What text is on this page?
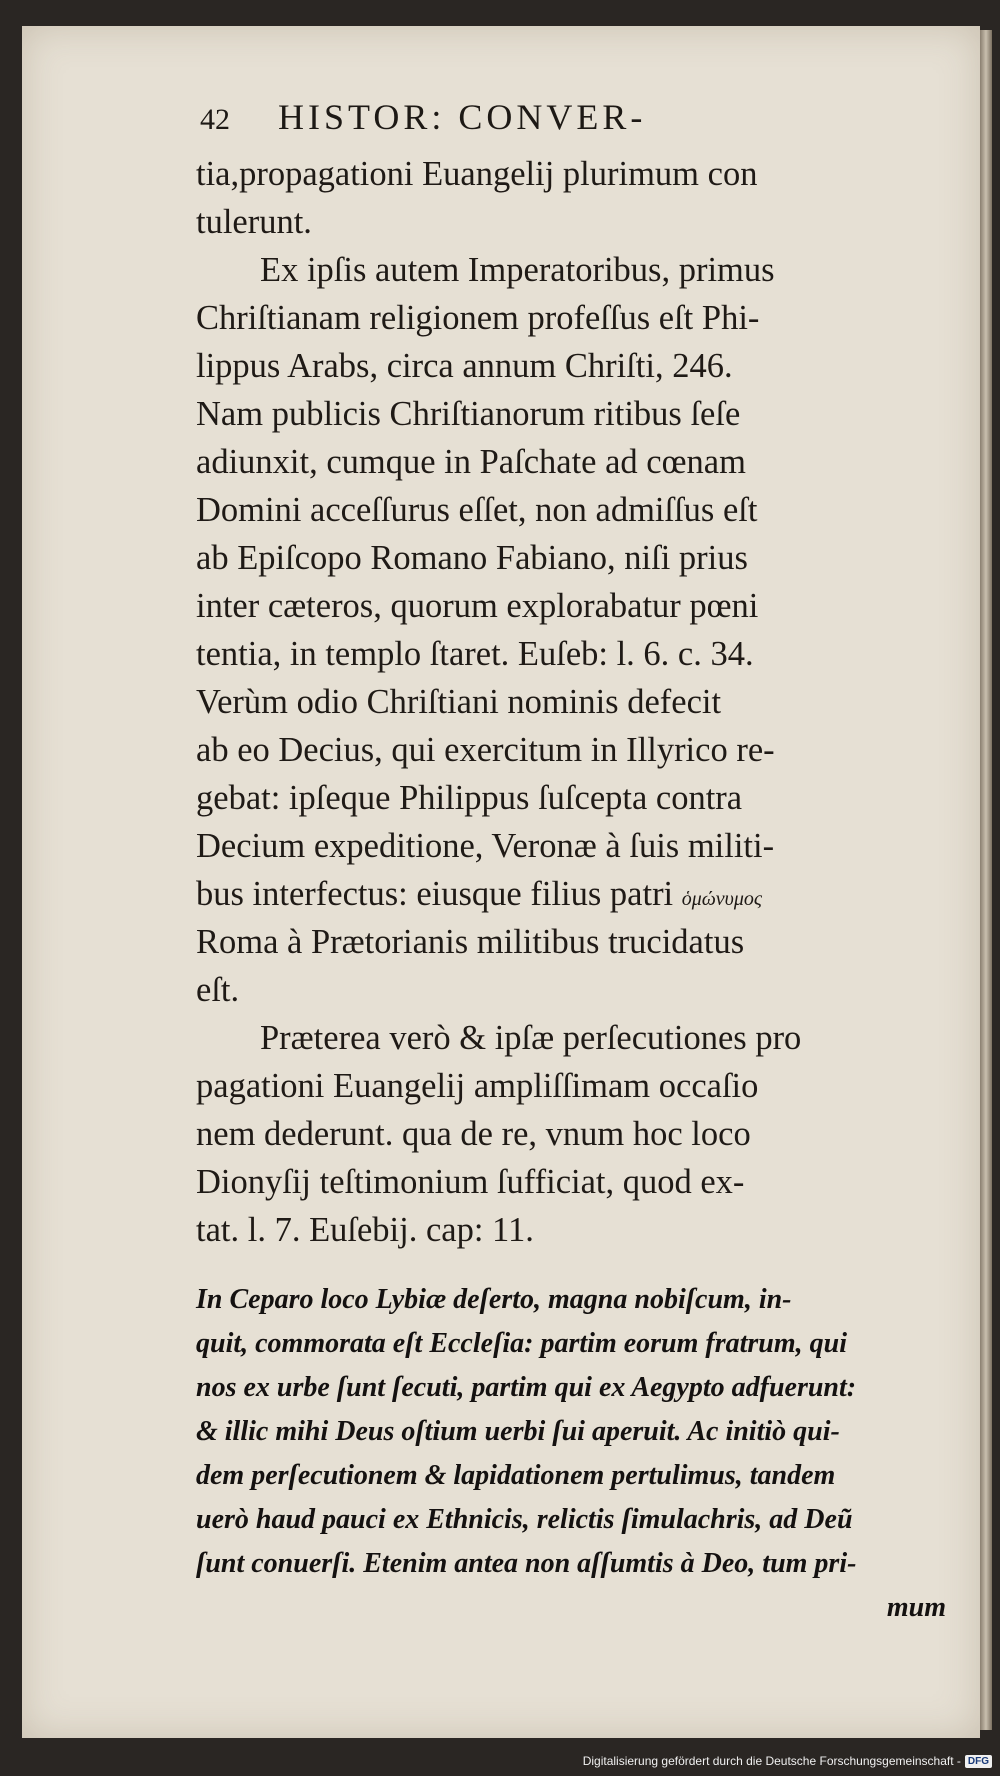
42 HISTOR: CONVER-
tia,propagationi Euangelij plurimum con
tulerunt.
Ex ipſis autem Imperatoribus, primus
Chriſtianam religionem profeſſus eſt Phi-
lippus Arabs, circa annum Chriſti, 246.
Nam publicis Chriſtianorum ritibus ſeſe
adiunxit, cumque in Paſchate ad cœnam
Domini acceſſurus eſſet, non admiſſus eſt
ab Epiſcopo Romano Fabiano, niſi prius
inter cæteros, quorum explorabatur pœni
tentia, in templo ſtaret. Euſeb: l. 6. c. 34.
Verùm odio Chriſtiani nominis defecit
ab eo Decius, qui exercitum in Illyrico re-
gebat: ipſeque Philippus ſuſcepta contra
Decium expeditione, Veronæ à ſuis militi-
bus interfectus: eiusque filius patri ὁμώνυμος
Roma à Prætorianis militibus trucidatus
eſt.
Præterea verò & ipſæ perſecutiones pro
pagationi Euangelij ampliſſimam occaſio
nem dederunt. qua de re, vnum hoc loco
Dionyſij teſtimonium ſufficiat, quod ex-
tat. l. 7. Euſebij. cap: 11.
In Ceparo loco Lybiæ deſerto, magna nobiſcum, in-
quit, commorata eſt Eccleſia: partim eorum fratrum, qui
nos ex urbe ſunt ſecuti, partim qui ex Aegypto adfuerunt:
& illic mihi Deus oſtium uerbi ſui aperuit. Ac initiò qui-
dem perſecutionem & lapidationem pertulimus, tandem
uerò haud pauci ex Ethnicis, relictis ſimulachris, ad Deũ
ſunt conuerſi. Etenim antea non aſſumtis à Deo, tum pri-
mum
Digitalisierung gefördert durch die Deutsche Forschungsgemeinschaft - DFG
